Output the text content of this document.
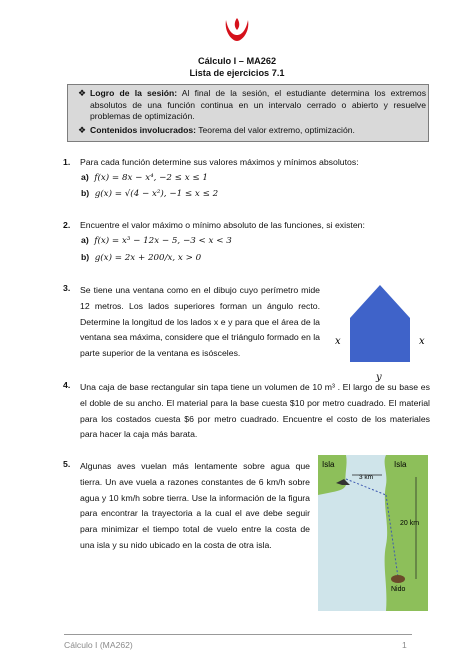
Cálculo I – MA262
Lista de ejercicios 7.1
❖ Logro de la sesión: Al final de la sesión, el estudiante determina los extremos absolutos de una función continua en un intervalo cerrado o abierto y resuelve problemas de optimización.
❖ Contenidos involucrados: Teorema del valor extremo, optimización.
1. Para cada función determine sus valores máximos y mínimos absolutos:
a) f(x) = 8x − x⁴, −2 ≤ x ≤ 1
b) g(x) = √(4 − x²), −1 ≤ x ≤ 2
2. Encuentre el valor máximo o mínimo absoluto de las funciones, si existen:
a) f(x) = x³ − 12x − 5, −3 < x < 3
b) g(x) = 2x + 200/x, x > 0
3. Se tiene una ventana como en el dibujo cuyo perímetro mide 12 metros. Los lados superiores forman un ángulo recto. Determine la longitud de los lados x e y para que el área de la ventana sea máxima, considere que el triángulo formado en la parte superior de la ventana es isósceles.
x	x
y
4. Una caja de base rectangular sin tapa tiene un volumen de 10 m³ . El largo de su base es el doble de su ancho. El material para la base cuesta $10 por metro cuadrado. El material para los costados cuesta $6 por metro cuadrado. Encuentre el costo de los materiales para hacer la caja más barata.
5. Algunas aves vuelan más lentamente sobre agua que tierra. Un ave vuela a razones constantes de 6 km/h sobre agua y 10 km/h sobre tierra. Use la información de la figura para encontrar la trayectoria a la cual el ave debe seguir para minimizar el tiempo total de vuelo entre la costa de una isla y su nido ubicado en la costa de otra isla.
Isla	Isla
3 km
20 km
Nido
Cálculo I (MA262)	1
